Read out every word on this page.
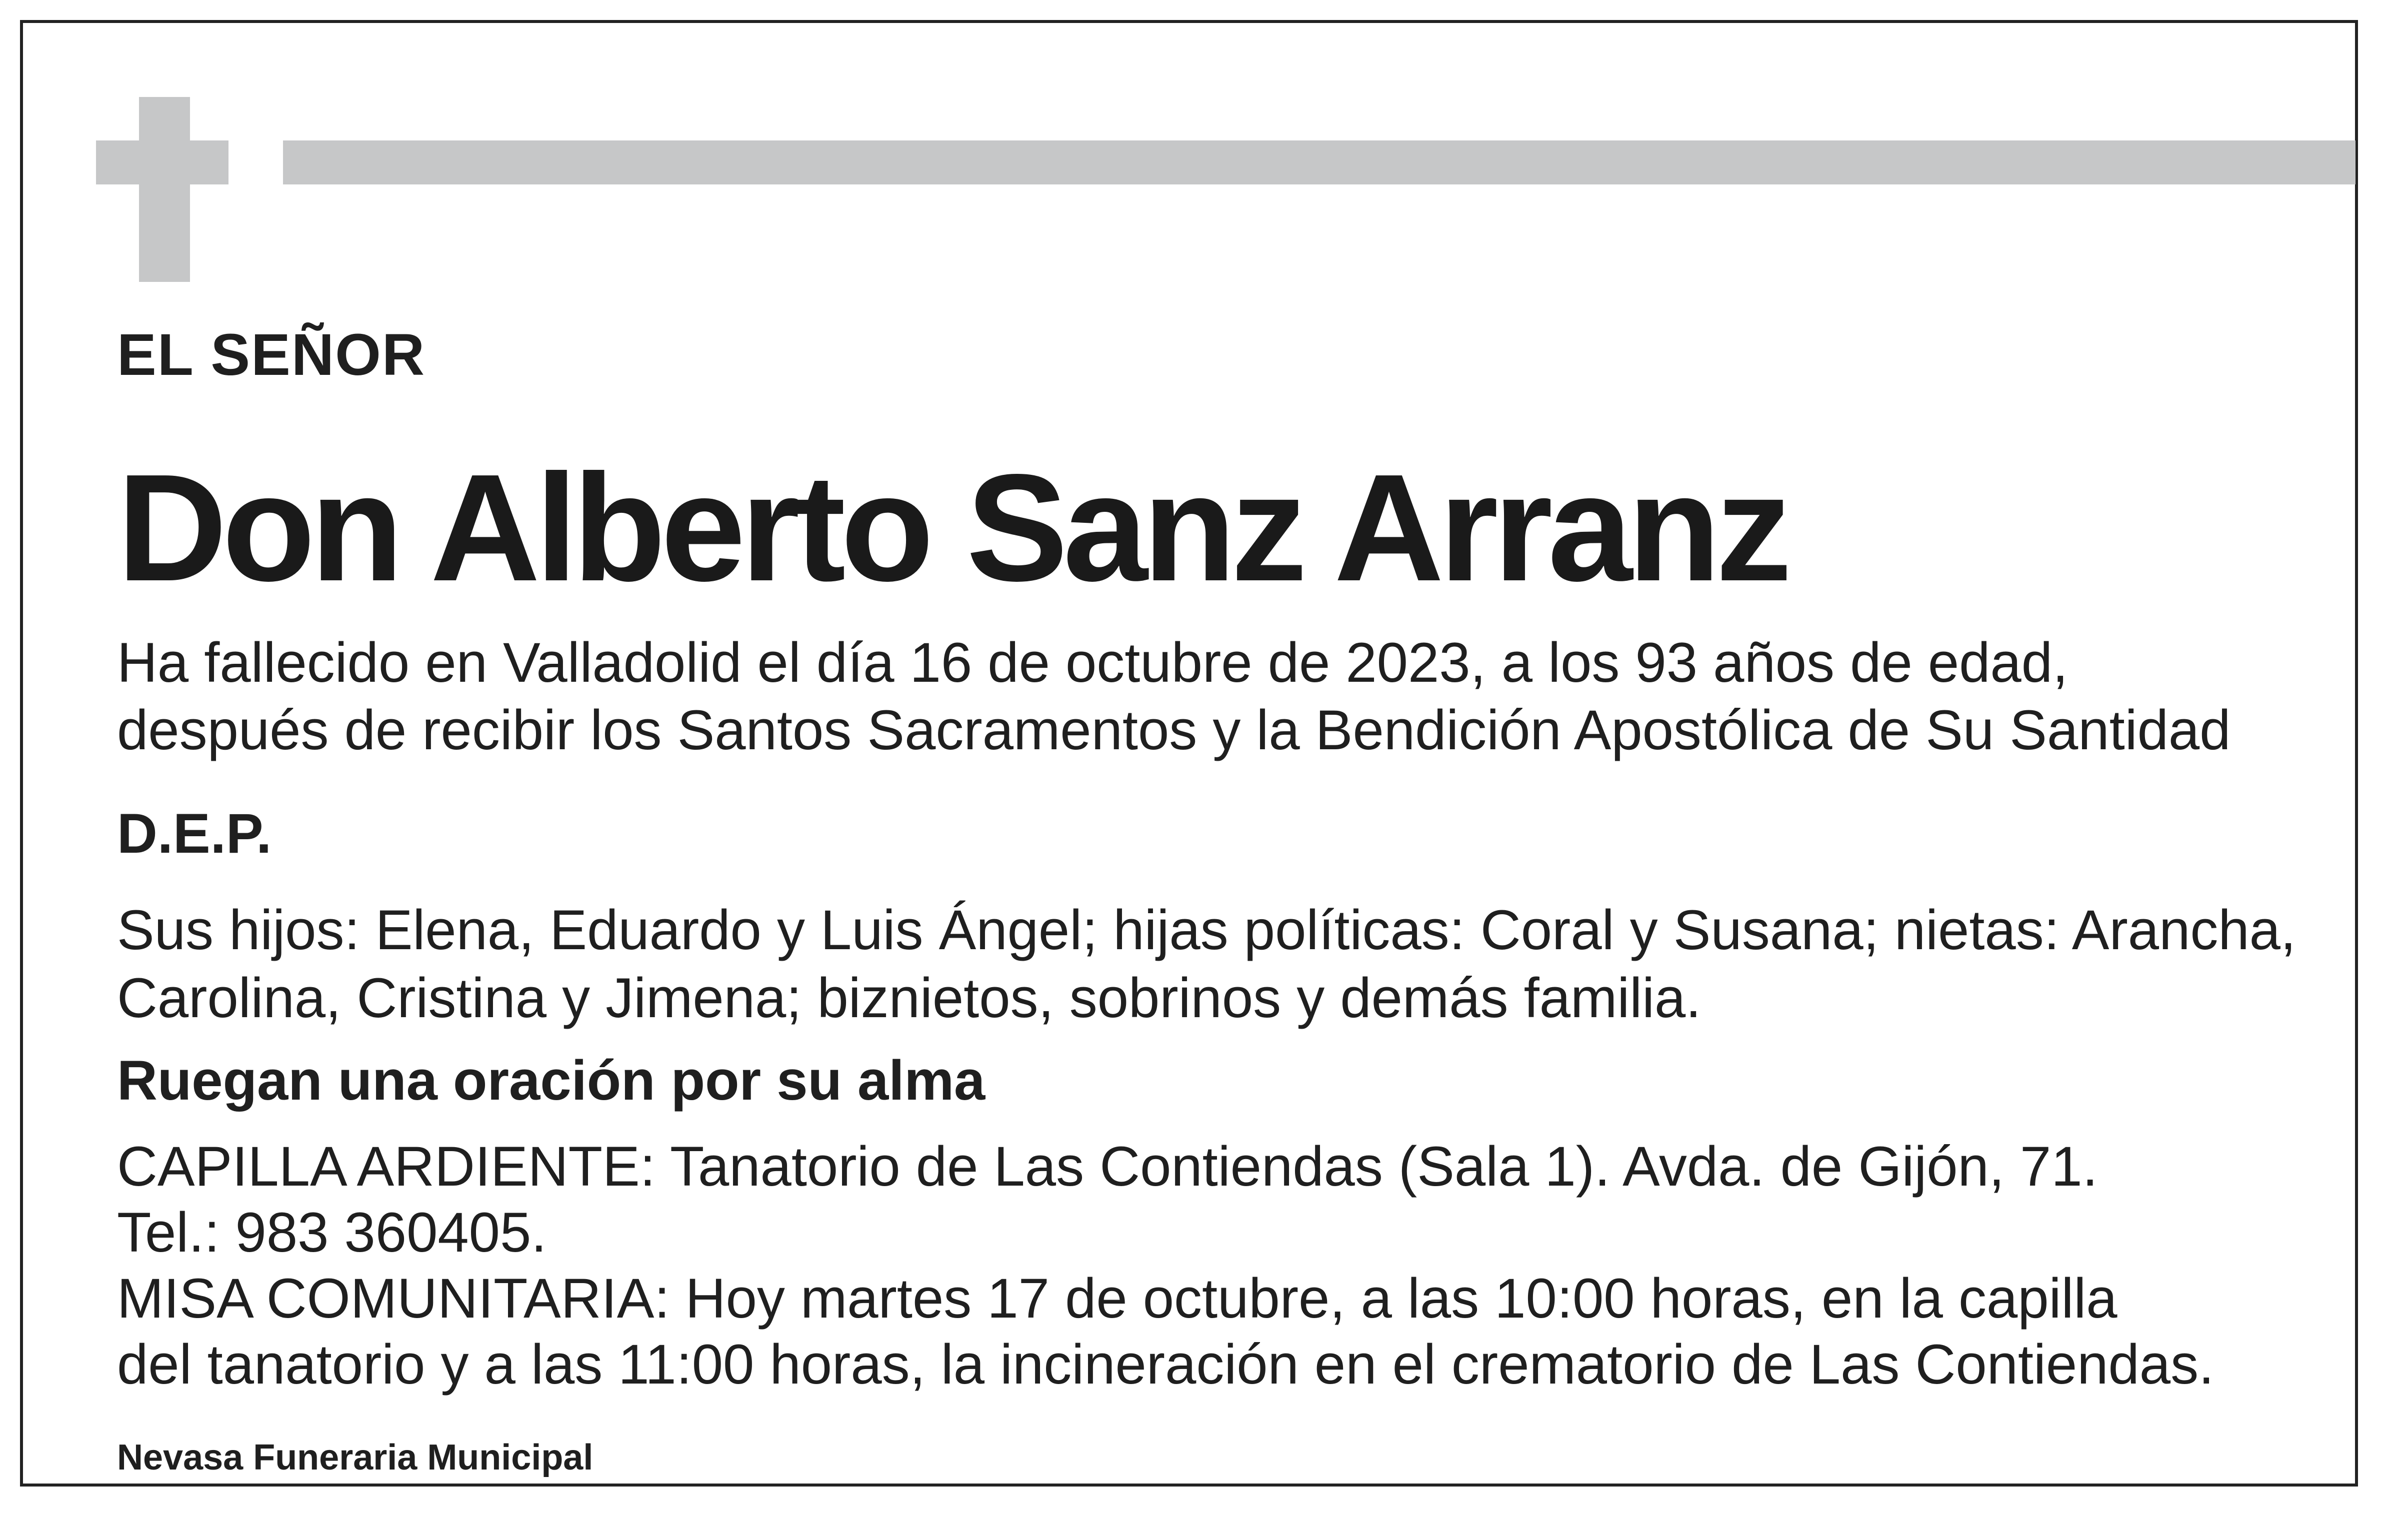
EL SEÑOR
Don Alberto Sanz Arranz
Ha fallecido en Valladolid el día 16 de octubre de 2023, a los 93 años de edad,
después de recibir los Santos Sacramentos y la Bendición Apostólica de Su Santidad
D.E.P.
Sus hijos: Elena, Eduardo y Luis Ángel; hijas políticas: Coral y Susana; nietas: Arancha,
Carolina, Cristina y Jimena; biznietos, sobrinos y demás familia.
Ruegan una oración por su alma
CAPILLA ARDIENTE: Tanatorio de Las Contiendas (Sala 1). Avda. de Gijón, 71.
Tel.: 983 360405.
MISA COMUNITARIA: Hoy martes 17 de octubre, a las 10:00 horas, en la capilla
del tanatorio y a las 11:00 horas, la incineración en el crematorio de Las Contiendas.
Nevasa Funeraria Municipal
